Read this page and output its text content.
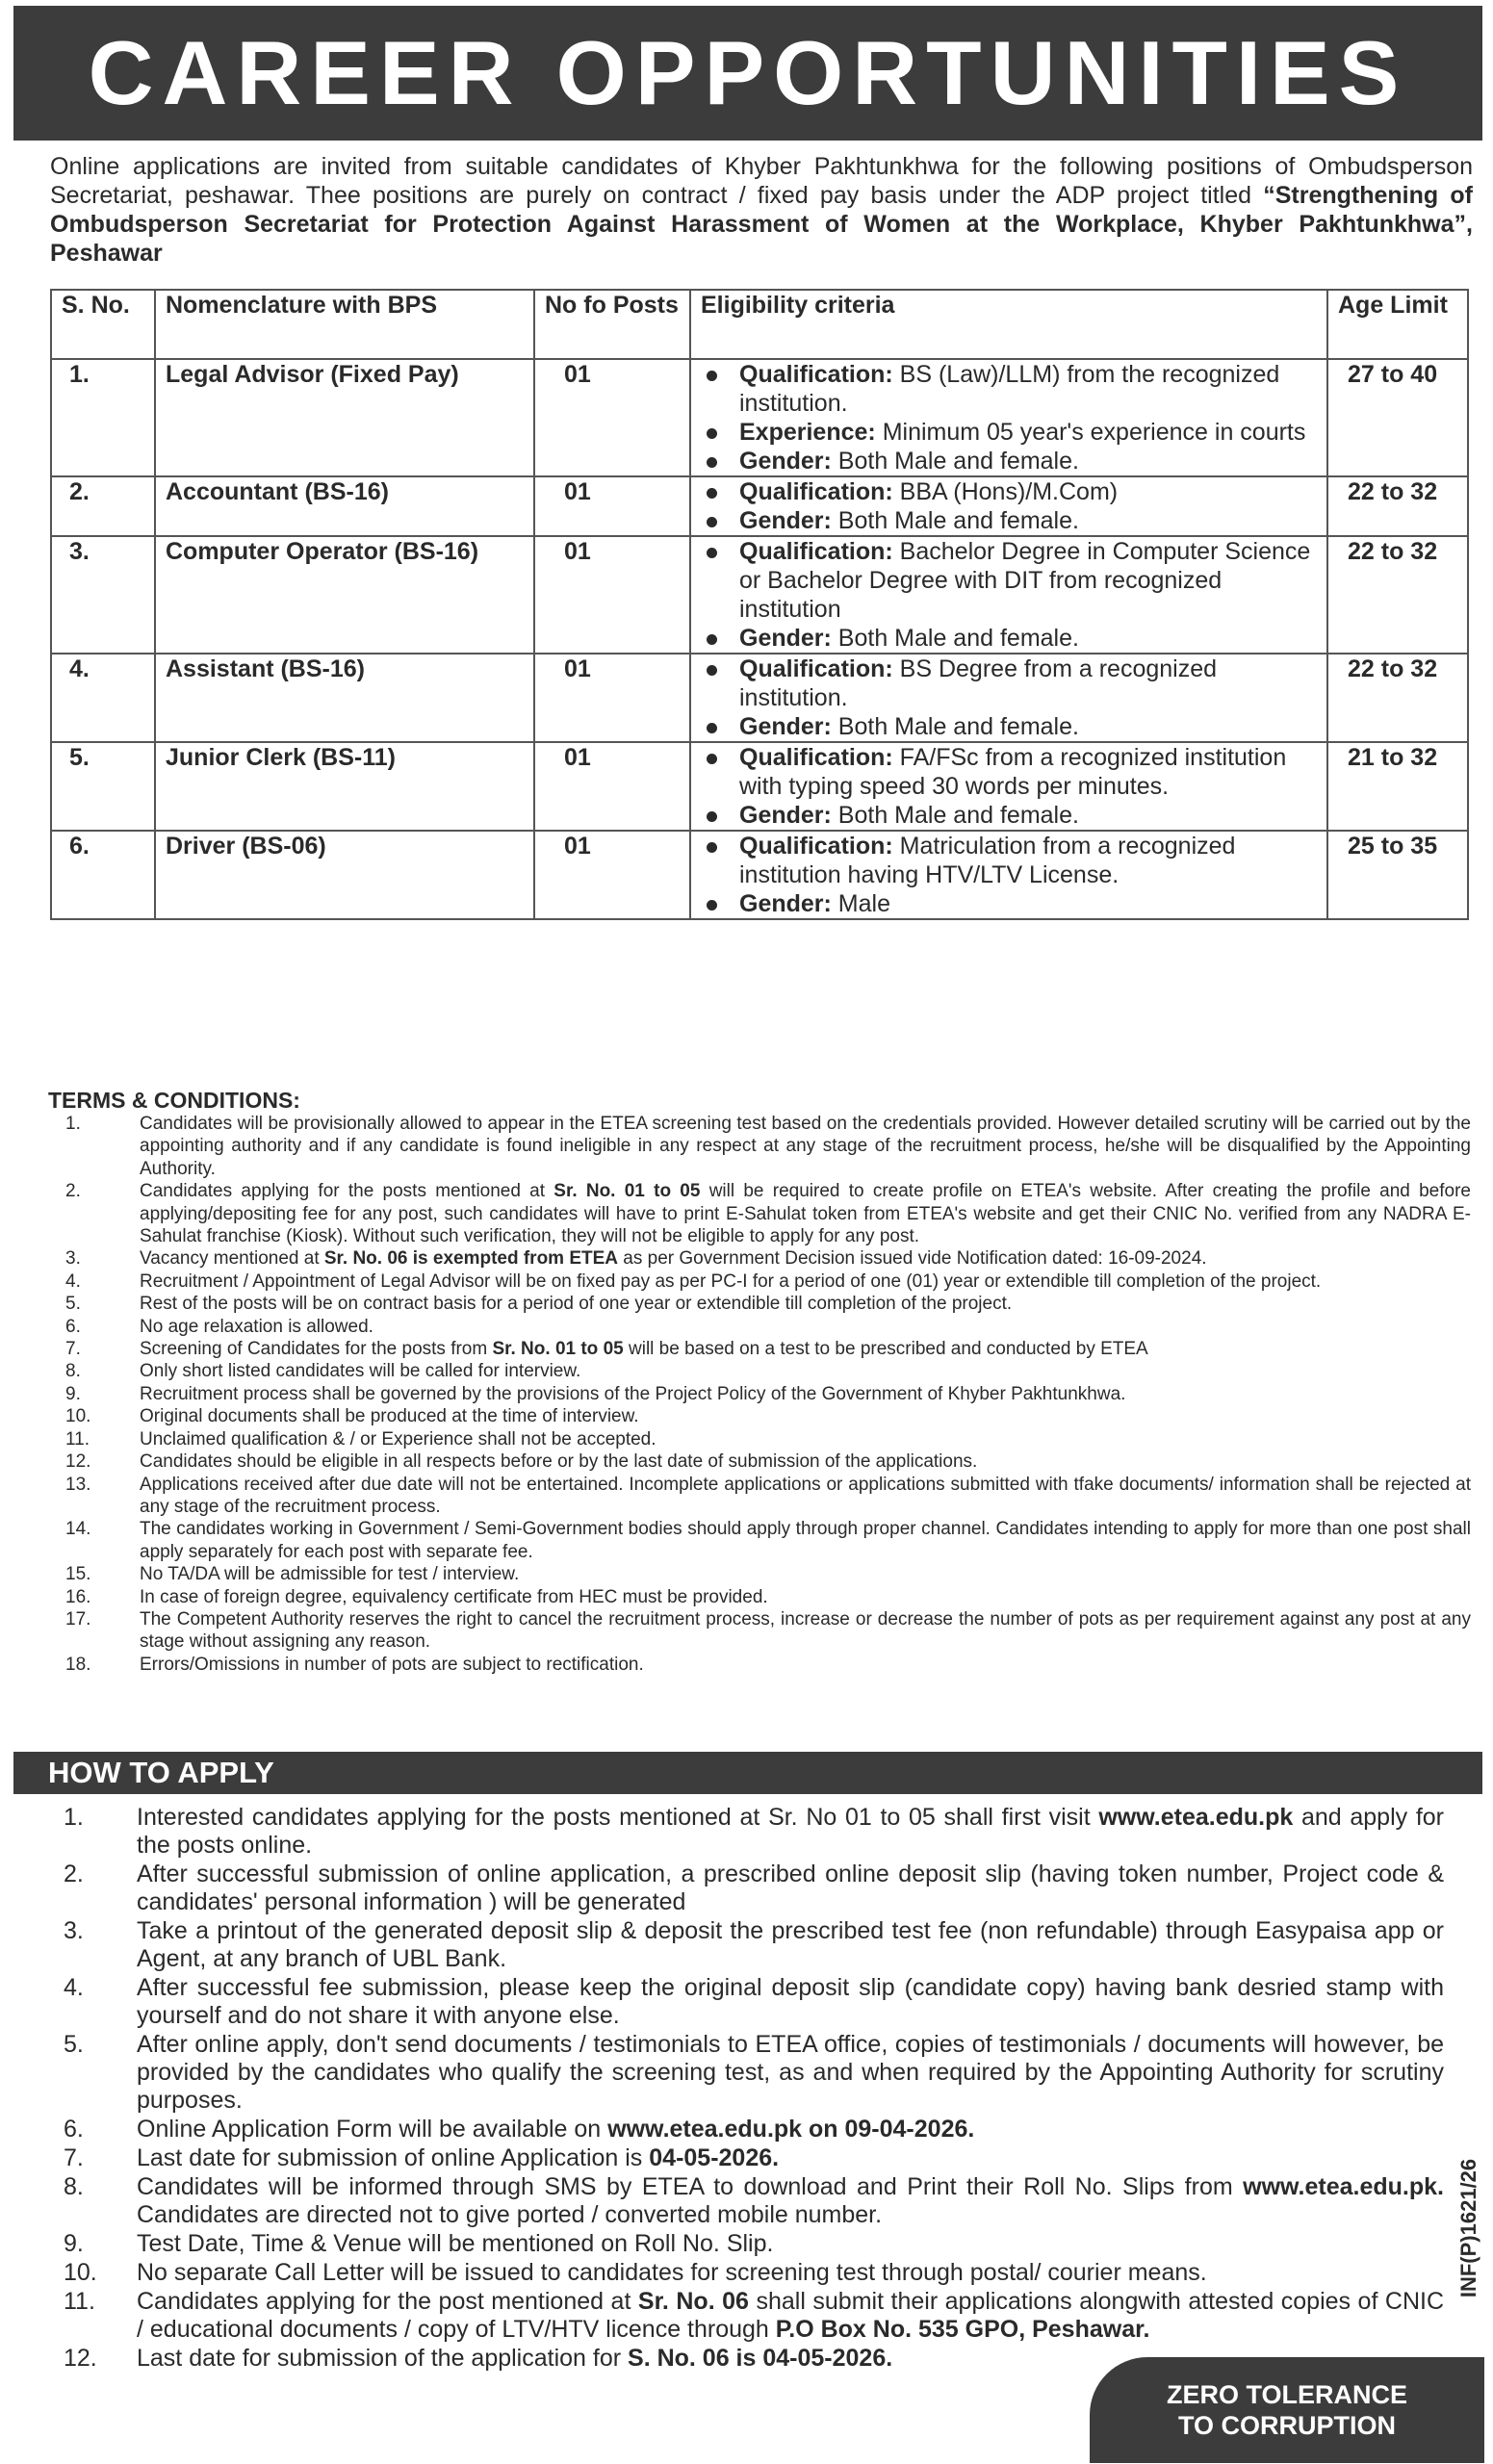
CAREER OPPORTUNITIES
Online applications are invited from suitable candidates of Khyber Pakhtunkhwa for the following positions of Ombudsperson Secretariat, peshawar. Thee positions are purely on contract / fixed pay basis under the ADP project titled “Strengthening of Ombudsperson Secretariat for Protection Against Harassment of Women at the Workplace, Khyber Pakhtunkhwa”, Peshawar
S. No.	Nomenclature with BPS	No fo Posts	Eligibility criteria	Age Limit
1.	Legal Advisor (Fixed Pay)	01	Qualification: BS (Law)/LLM) from the recognized institution.
Experience: Minimum 05 year's experience in courts
Gender: Both Male and female.	27 to 40
2.	Accountant (BS-16)	01	Qualification: BBA (Hons)/M.Com)
Gender: Both Male and female.	22 to 32
3.	Computer Operator (BS-16)	01	Qualification: Bachelor Degree in Computer Science or Bachelor Degree with DIT from recognized institution
Gender: Both Male and female.	22 to 32
4.	Assistant (BS-16)	01	Qualification: BS Degree from a recognized institution.
Gender: Both Male and female.	22 to 32
5.	Junior Clerk (BS-11)	01	Qualification: FA/FSc from a recognized institution with typing speed 30 words per minutes.
Gender: Both Male and female.	21 to 32
6.	Driver (BS-06)	01	Qualification: Matriculation from a recognized institution having HTV/LTV License.
Gender: Male	25 to 35
TERMS & CONDITIONS:
1.	Candidates will be provisionally allowed to appear in the ETEA screening test based on the credentials provided. However detailed scrutiny will be carried out by the appointing authority and if any candidate is found ineligible in any respect at any stage of the recruitment process, he/she will be disqualified by the Appointing Authority.
2.	Candidates applying for the posts mentioned at Sr. No. 01 to 05 will be required to create profile on ETEA's website. After creating the profile and before applying/depositing fee for any post, such candidates will have to print E-Sahulat token from ETEA's website and get their CNIC No. verified from any NADRA E-Sahulat franchise (Kiosk). Without such verification, they will not be eligible to apply for any post.
3.	Vacancy mentioned at Sr. No. 06 is exempted from ETEA as per Government Decision issued vide Notification dated: 16-09-2024.
4.	Recruitment / Appointment of Legal Advisor will be on fixed pay as per PC-I for a period of one (01) year or extendible till completion of the project.
5.	Rest of the posts will be on contract basis for a period of one year or extendible till completion of the project.
6.	No age relaxation is allowed.
7.	Screening of Candidates for the posts from Sr. No. 01 to 05 will be based on a test to be prescribed and conducted by ETEA
8.	Only short listed candidates will be called for interview.
9.	Recruitment process shall be governed by the provisions of the Project Policy of the Government of Khyber Pakhtunkhwa.
10.	Original documents shall be produced at the time of interview.
11.	Unclaimed qualification & / or Experience shall not be accepted.
12.	Candidates should be eligible in all respects before or by the last date of submission of the applications.
13.	Applications received after due date will not be entertained. Incomplete applications or applications submitted with tfake documents/ information shall be rejected at any stage of the recruitment process.
14.	The candidates working in Government / Semi-Government bodies should apply through proper channel. Candidates intending to apply for more than one post shall apply separately for each post with separate fee.
15.	No TA/DA will be admissible for test / interview.
16.	In case of foreign degree, equivalency certificate from HEC must be provided.
17.	The Competent Authority reserves the right to cancel the recruitment process, increase or decrease the number of pots as per requirement against any post at any stage without assigning any reason.
18.	Errors/Omissions in number of pots are subject to rectification.
HOW TO APPLY
1. Interested candidates applying for the posts mentioned at Sr. No 01 to 05 shall first visit www.etea.edu.pk and apply for the posts online.
2. After successful submission of online application, a prescribed online deposit slip (having token number, Project code & candidates' personal information ) will be generated
3. Take a printout of the generated deposit slip & deposit the prescribed test fee (non refundable) through Easypaisa app or Agent, at any branch of UBL Bank.
4. After successful fee submission, please keep the original deposit slip (candidate copy) having bank desried stamp with yourself and do not share it with anyone else.
5. After online apply, don't send documents / testimonials to ETEA office, copies of testimonials / documents will however, be provided by the candidates who qualify the screening test, as and when required by the Appointing Authority for scrutiny purposes.
6. Online Application Form will be available on www.etea.edu.pk on 09-04-2026.
7. Last date for submission of online Application is 04-05-2026.
8. Candidates will be informed through SMS by ETEA to download and Print their Roll No. Slips from www.etea.edu.pk. Candidates are directed not to give ported / converted mobile number.
9. Test Date, Time & Venue will be mentioned on Roll No. Slip.
10. No separate Call Letter will be issued to candidates for screening test through postal/ courier means.
11. Candidates applying for the post mentioned at Sr. No. 06 shall submit their applications alongwith attested copies of CNIC / educational documents / copy of LTV/HTV licence through P.O Box No. 535 GPO, Peshawar.
12. Last date for submission of the application for S. No. 06 is 04-05-2026.
INF(P)1621/26
ZERO TOLERANCE
TO CORRUPTION
